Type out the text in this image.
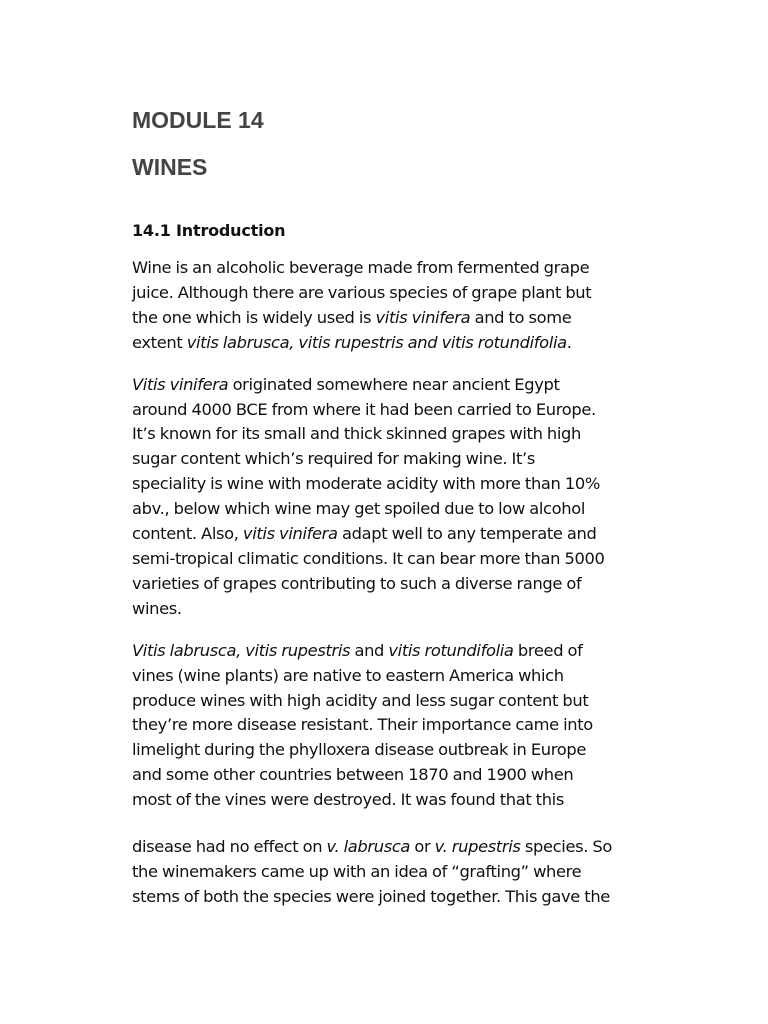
MODULE 14
WINES
14.1 Introduction

Wine is an alcoholic beverage made from fermented grape
juice. Although there are various species of grape plant but
the one which is widely used is vitis vinifera and to some
extent vitis labrusca, vitis rupestris and vitis rotundifolia.

Vitis vinifera originated somewhere near ancient Egypt
around 4000 BCE from where it had been carried to Europe.
It’s known for its small and thick skinned grapes with high
sugar content which’s required for making wine. It’s
speciality is wine with moderate acidity with more than 10%
abv., below which wine may get spoiled due to low alcohol
content. Also, vitis vinifera adapt well to any temperate and
semi-tropical climatic conditions. It can bear more than 5000
varieties of grapes contributing to such a diverse range of
wines.

Vitis labrusca, vitis rupestris and vitis rotundifolia breed of
vines (wine plants) are native to eastern America which
produce wines with high acidity and less sugar content but
they’re more disease resistant. Their importance came into
limelight during the phylloxera disease outbreak in Europe
and some other countries between 1870 and 1900 when
most of the vines were destroyed. It was found that this

disease had no effect on v. labrusca or v. rupestris species. So
the winemakers came up with an idea of “grafting” where
stems of both the species were joined together. This gave the
